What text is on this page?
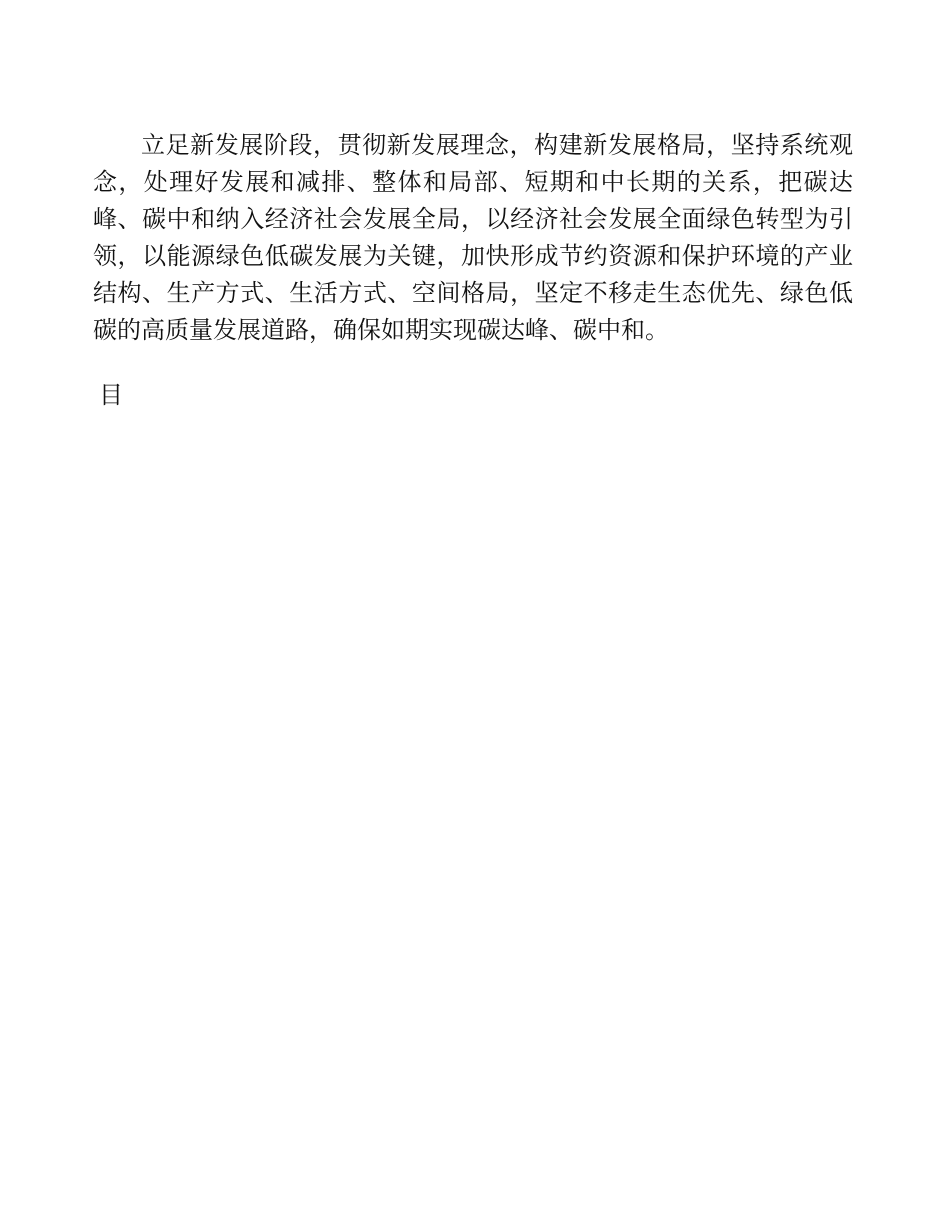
立足新发展阶段，贯彻新发展理念，构建新发展格局，坚持系统观念，处理好发展和减排、整体和局部、短期和中长期的关系，把碳达峰、碳中和纳入经济社会发展全局，以经济社会发展全面绿色转型为引领，以能源绿色低碳发展为关键，加快形成节约资源和保护环境的产业结构、生产方式、生活方式、空间格局，坚定不移走生态优先、绿色低碳的高质量发展道路，确保如期实现碳达峰、碳中和。

目
